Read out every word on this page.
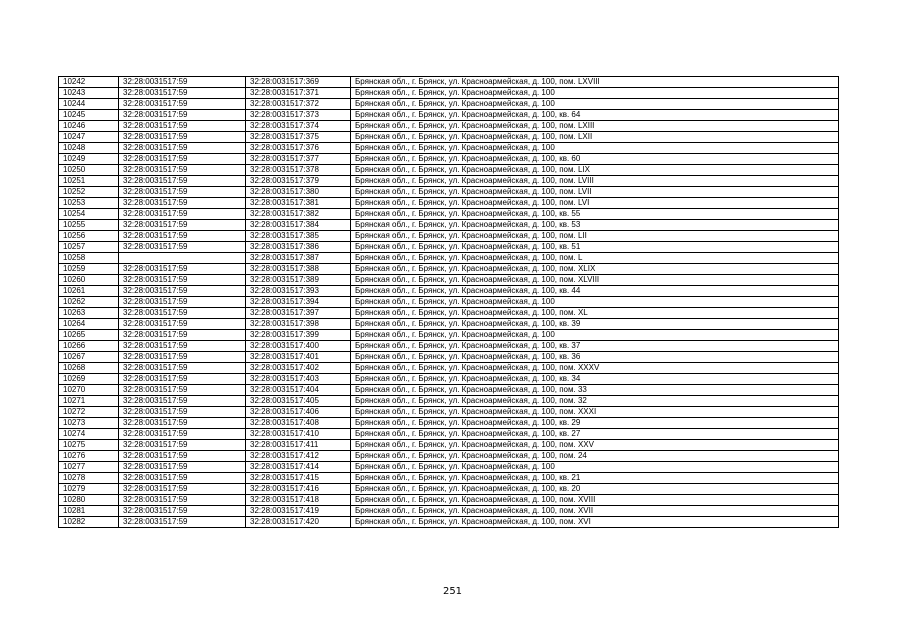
10242	32:28:0031517:59	32:28:0031517:369	Брянская обл., г. Брянск, ул. Красноармейская, д. 100, пом. LXVIII
10243	32:28:0031517:59	32:28:0031517:371	Брянская обл., г. Брянск, ул. Красноармейская, д. 100
10244	32:28:0031517:59	32:28:0031517:372	Брянская обл., г. Брянск, ул. Красноармейская, д. 100
10245	32:28:0031517:59	32:28:0031517:373	Брянская обл., г. Брянск, ул. Красноармейская, д. 100, кв. 64
10246	32:28:0031517:59	32:28:0031517:374	Брянская обл., г. Брянск, ул. Красноармейская, д. 100, пом. LXIII
10247	32:28:0031517:59	32:28:0031517:375	Брянская обл., г. Брянск, ул. Красноармейская, д. 100, пом. LXII
10248	32:28:0031517:59	32:28:0031517:376	Брянская обл., г. Брянск, ул. Красноармейская, д. 100
10249	32:28:0031517:59	32:28:0031517:377	Брянская обл., г. Брянск, ул. Красноармейская, д. 100, кв. 60
10250	32:28:0031517:59	32:28:0031517:378	Брянская обл., г. Брянск, ул. Красноармейская, д. 100, пом. LIX
10251	32:28:0031517:59	32:28:0031517:379	Брянская обл., г. Брянск, ул. Красноармейская, д. 100, пом. LVIII
10252	32:28:0031517:59	32:28:0031517:380	Брянская обл., г. Брянск, ул. Красноармейская, д. 100, пом. LVII
10253	32:28:0031517:59	32:28:0031517:381	Брянская обл., г. Брянск, ул. Красноармейская, д. 100, пом. LVI
10254	32:28:0031517:59	32:28:0031517:382	Брянская обл., г. Брянск, ул. Красноармейская, д. 100, кв. 55
10255	32:28:0031517:59	32:28:0031517:384	Брянская обл., г. Брянск, ул. Красноармейская, д. 100, кв. 53
10256	32:28:0031517:59	32:28:0031517:385	Брянская обл., г. Брянск, ул. Красноармейская, д. 100, пом. LII
10257	32:28:0031517:59	32:28:0031517:386	Брянская обл., г. Брянск, ул. Красноармейская, д. 100, кв. 51
10258		32:28:0031517:387	Брянская обл., г. Брянск, ул. Красноармейская, д. 100, пом. L
10259	32:28:0031517:59	32:28:0031517:388	Брянская обл., г. Брянск, ул. Красноармейская, д. 100, пом. XLIX
10260	32:28:0031517:59	32:28:0031517:389	Брянская обл., г. Брянск, ул. Красноармейская, д. 100, пом. XLVIII
10261	32:28:0031517:59	32:28:0031517:393	Брянская обл., г. Брянск, ул. Красноармейская, д. 100, кв. 44
10262	32:28:0031517:59	32:28:0031517:394	Брянская обл., г. Брянск, ул. Красноармейская, д. 100
10263	32:28:0031517:59	32:28:0031517:397	Брянская обл., г. Брянск, ул. Красноармейская, д. 100, пом. XL
10264	32:28:0031517:59	32:28:0031517:398	Брянская обл., г. Брянск, ул. Красноармейская, д. 100, кв. 39
10265	32:28:0031517:59	32:28:0031517:399	Брянская обл., г. Брянск, ул. Красноармейская, д. 100
10266	32:28:0031517:59	32:28:0031517:400	Брянская обл., г. Брянск, ул. Красноармейская, д. 100, кв. 37
10267	32:28:0031517:59	32:28:0031517:401	Брянская обл., г. Брянск, ул. Красноармейская, д. 100, кв. 36
10268	32:28:0031517:59	32:28:0031517:402	Брянская обл., г. Брянск, ул. Красноармейская, д. 100, пом. XXXV
10269	32:28:0031517:59	32:28:0031517:403	Брянская обл., г. Брянск, ул. Красноармейская, д. 100, кв. 34
10270	32:28:0031517:59	32:28:0031517:404	Брянская обл., г. Брянск, ул. Красноармейская, д. 100, пом. 33
10271	32:28:0031517:59	32:28:0031517:405	Брянская обл., г. Брянск, ул. Красноармейская, д. 100, пом. 32
10272	32:28:0031517:59	32:28:0031517:406	Брянская обл., г. Брянск, ул. Красноармейская, д. 100, пом. XXXI
10273	32:28:0031517:59	32:28:0031517:408	Брянская обл., г. Брянск, ул. Красноармейская, д. 100, кв. 29
10274	32:28:0031517:59	32:28:0031517:410	Брянская обл., г. Брянск, ул. Красноармейская, д. 100, кв. 27
10275	32:28:0031517:59	32:28:0031517:411	Брянская обл., г. Брянск, ул. Красноармейская, д. 100, пом. XXV
10276	32:28:0031517:59	32:28:0031517:412	Брянская обл., г. Брянск, ул. Красноармейская, д. 100, пом. 24
10277	32:28:0031517:59	32:28:0031517:414	Брянская обл., г. Брянск, ул. Красноармейская, д. 100
10278	32:28:0031517:59	32:28:0031517:415	Брянская обл., г. Брянск, ул. Красноармейская, д. 100, кв. 21
10279	32:28:0031517:59	32:28:0031517:416	Брянская обл., г. Брянск, ул. Красноармейская, д. 100, кв. 20
10280	32:28:0031517:59	32:28:0031517:418	Брянская обл., г. Брянск, ул. Красноармейская, д. 100, пом. XVIII
10281	32:28:0031517:59	32:28:0031517:419	Брянская обл., г. Брянск, ул. Красноармейская, д. 100, пом. XVII
10282	32:28:0031517:59	32:28:0031517:420	Брянская обл., г. Брянск, ул. Красноармейская, д. 100, пом. XVI
251
